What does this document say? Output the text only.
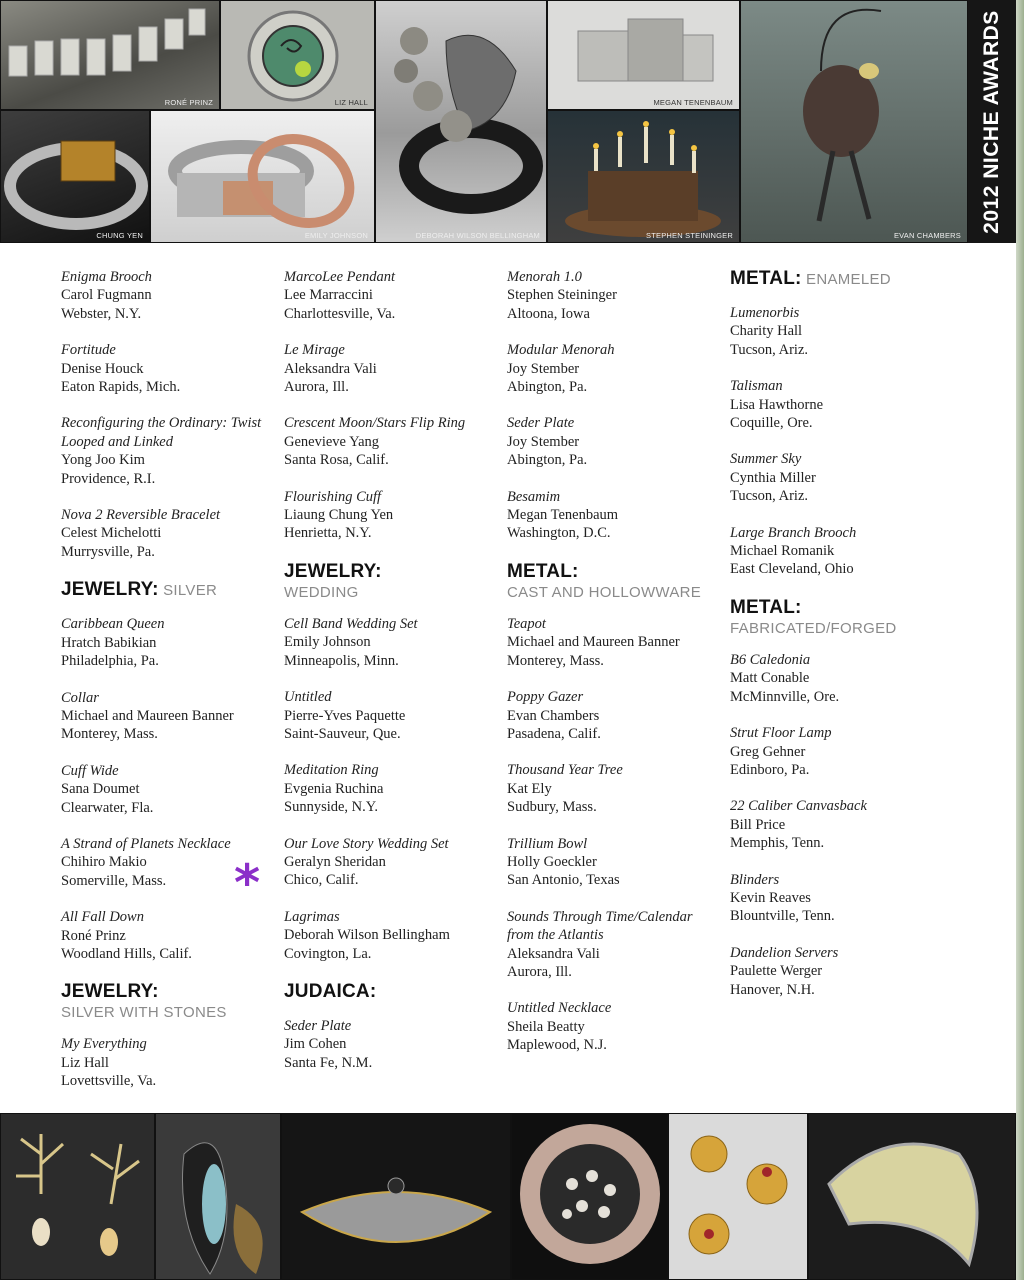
RONÉ PRINZ	LIZ HALL
DEBORAH WILSON BELLINGHAM
MEGAN TENENBAUM
EVAN CHAMBERS
CHUNG YEN	EMILY JOHNSON	STEPHEN STEININGER
2012 NICHE AWARDS
Enigma Brooch
Carol Fugmann
Webster, N.Y.
Fortitude
Denise Houck
Eaton Rapids, Mich.
Reconfiguring the Ordinary: Twist Looped and Linked
Yong Joo Kim
Providence, R.I.
Nova 2 Reversible Bracelet
Celest Michelotti
Murrysville, Pa.
JEWELRY: SILVER
Caribbean Queen
Hratch Babikian
Philadelphia, Pa.
Collar
Michael and Maureen Banner
Monterey, Mass.
Cuff Wide
Sana Doumet
Clearwater, Fla.
A Strand of Planets Necklace
Chihiro Makio
Somerville, Mass.
All Fall Down
Roné Prinz
Woodland Hills, Calif.
JEWELRY:
SILVER WITH STONES
My Everything
Liz Hall
Lovettsville, Va.
MarcoLee Pendant
Lee Marraccini
Charlottesville, Va.
Le Mirage
Aleksandra Vali
Aurora, Ill.
Crescent Moon/Stars Flip Ring
Genevieve Yang
Santa Rosa, Calif.
Flourishing Cuff
Liaung Chung Yen
Henrietta, N.Y.
JEWELRY:
WEDDING
Cell Band Wedding Set
Emily Johnson
Minneapolis, Minn.
Untitled
Pierre-Yves Paquette
Saint-Sauveur, Que.
Meditation Ring
Evgenia Ruchina
Sunnyside, N.Y.
Our Love Story Wedding Set
Geralyn Sheridan
Chico, Calif.
Lagrimas
Deborah Wilson Bellingham
Covington, La.
JUDAICA:
Seder Plate
Jim Cohen
Santa Fe, N.M.
*
Menorah 1.0
Stephen Steininger
Altoona, Iowa
Modular Menorah
Joy Stember
Abington, Pa.
Seder Plate
Joy Stember
Abington, Pa.
Besamim
Megan Tenenbaum
Washington, D.C.
METAL:
CAST AND HOLLOWWARE
Teapot
Michael and Maureen Banner
Monterey, Mass.
Poppy Gazer
Evan Chambers
Pasadena, Calif.
Thousand Year Tree
Kat Ely
Sudbury, Mass.
Trillium Bowl
Holly Goeckler
San Antonio, Texas
Sounds Through Time/Calendar from the Atlantis
Aleksandra Vali
Aurora, Ill.
Untitled Necklace
Sheila Beatty
Maplewood, N.J.
METAL: ENAMELED
Lumenorbis
Charity Hall
Tucson, Ariz.
Talisman
Lisa Hawthorne
Coquille, Ore.
Summer Sky
Cynthia Miller
Tucson, Ariz.
Large Branch Brooch
Michael Romanik
East Cleveland, Ohio
METAL:
FABRICATED/FORGED
B6 Caledonia
Matt Conable
McMinnville, Ore.
Strut Floor Lamp
Greg Gehner
Edinboro, Pa.
22 Caliber Canvasback
Bill Price
Memphis, Tenn.
Blinders
Kevin Reaves
Blountville, Tenn.
Dandelion Servers
Paulette Werger
Hanover, N.H.
